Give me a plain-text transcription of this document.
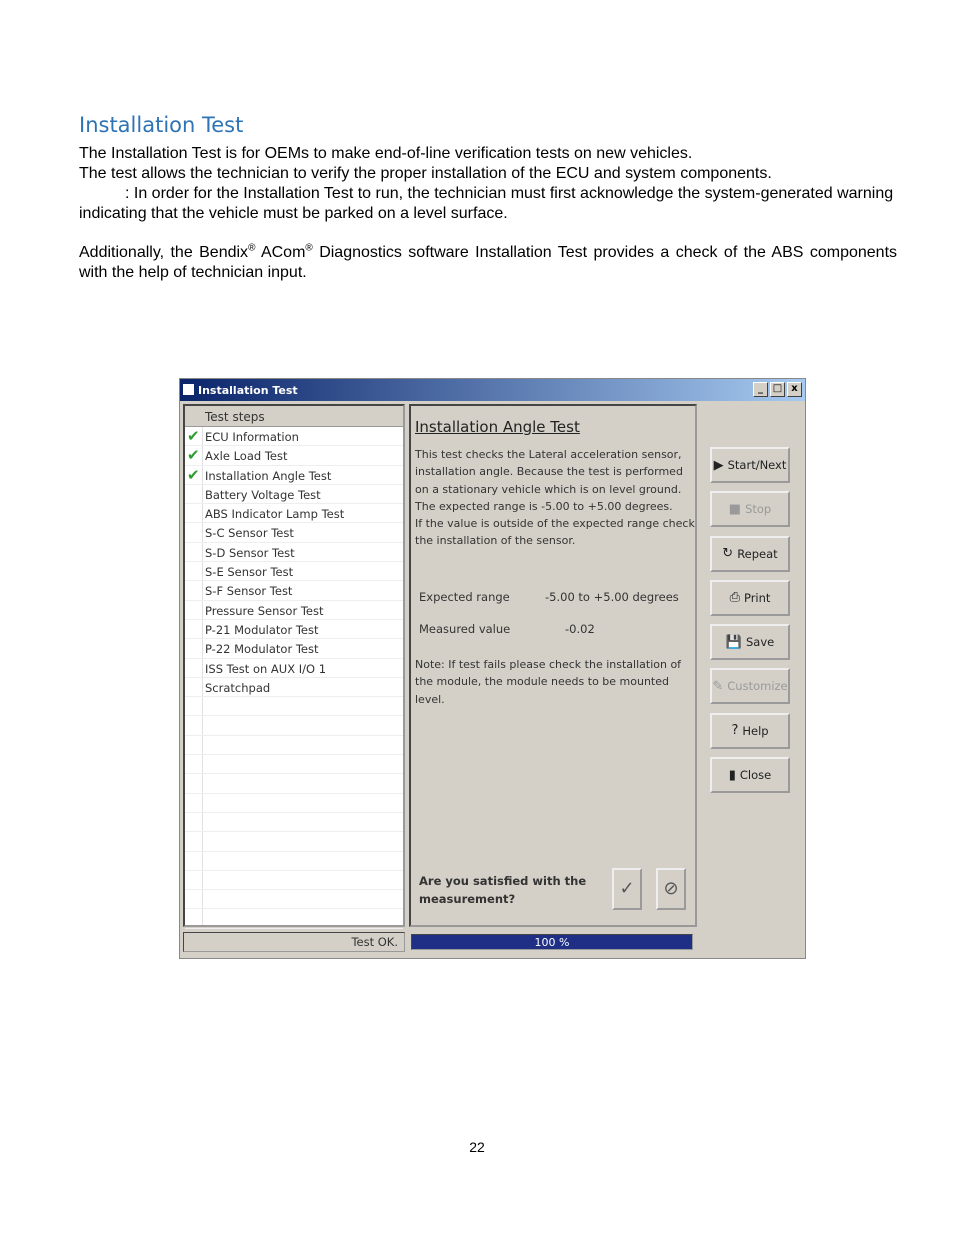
Installation Test
The Installation Test is for OEMs to make end-of-line verification tests on new vehicles.
The test allows the technician to verify the proper installation of the ECU and system components.
: In order for the Installation Test to run, the technician must first acknowledge the system-generated warning indicating that the vehicle must be parked on a level surface.
Additionally, the Bendix® ACom® Diagnostics software Installation Test provides a check of the ABS components with the help of technician input.
Installation Test	_ □ x
Test steps
✔ ECU Information
✔ Axle Load Test
✔ Installation Angle Test
Battery Voltage Test
ABS Indicator Lamp Test
S-C Sensor Test
S-D Sensor Test
S-E Sensor Test
S-F Sensor Test
Pressure Sensor Test
P-21 Modulator Test
P-22 Modulator Test
ISS Test on AUX I/O 1
Scratchpad
Installation Angle Test

This test checks the Lateral acceleration sensor, installation angle. Because the test is performed on a stationary vehicle which is on level ground.
The expected range is -5.00 to +5.00 degrees.
If the value is outside of the expected range check the installation of the sensor.

Expected range	-5.00 to +5.00 degrees
Measured value	-0.02

Note: If test fails please check the installation of the module, the module needs to be mounted level.

Are you satisfied with the measurement?	✓	⊘
▶ Start/Next
■ Stop
↻ Repeat
⎙ Print
💾 Save
✎ Customize
? Help
▮ Close
Test OK.	100 %
22
